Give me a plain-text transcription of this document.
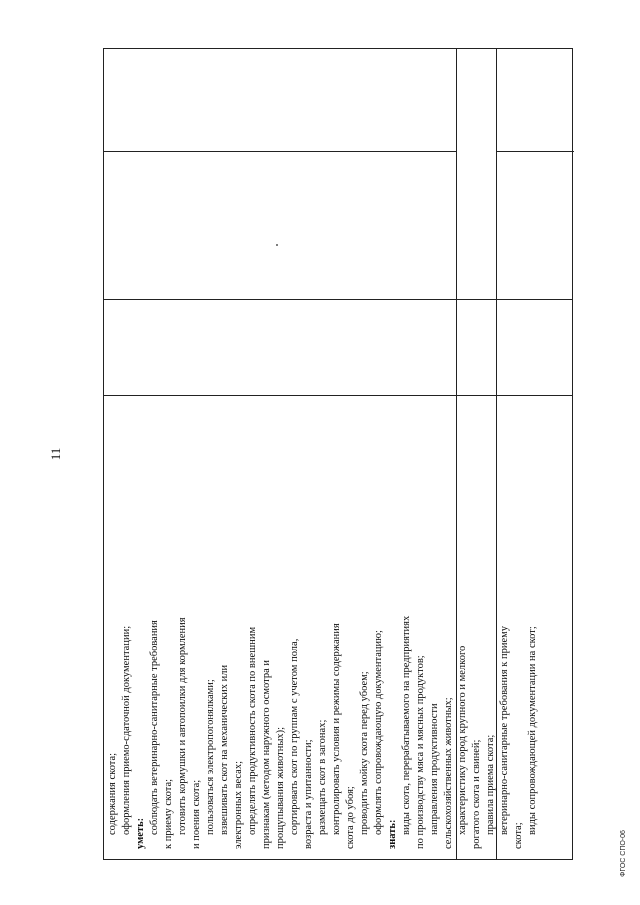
11
ФГОС СПО-06
содержания скота; оформления приемо-сдаточной документации; уметь: соблюдать ветеринарно-санитарные требования к приему скота; готовить кормушки и автопоилки для кормления и поения скота; пользоваться электропогонялками; взвешивать скот на механических или электронных весах; определять продуктивность скота по внешним признакам (методом наружного осмотра и прощупывания животных); сортировать скот по группам с учетом пола, возраста и упитанности; размещать скот в загонах; контролировать условия и режимы содержания скота до убоя; проводить мойку скота перед убоем; оформлять сопровождающую документацию; знать: виды скота, перерабатываемого на предприятиях по производству мяса и мясных продуктов; направления продуктивности сельскохозяйственных животных; характеристику пород крупного и мелкого рогатого скота и свиней; правила приема скота; ветеринарно-санитарные требования к приему
скота;
виды сопровождающей документации на скот;
